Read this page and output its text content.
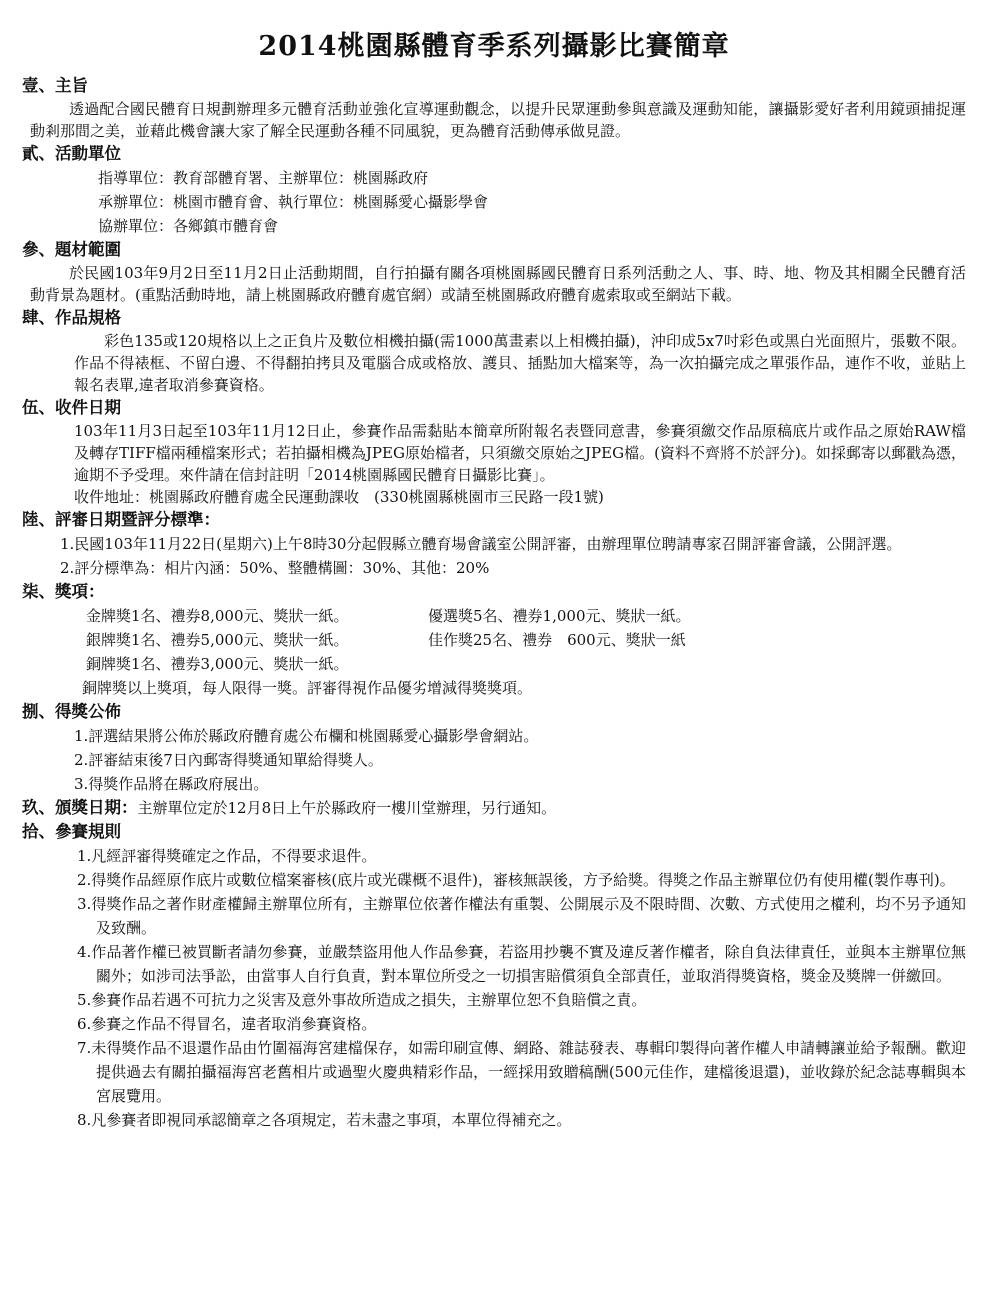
2014桃園縣體育季系列攝影比賽簡章

壹、主旨

透過配合國民體育日規劃辦理多元體育活動並強化宣導運動觀念，以提升民眾運動參與意識及運動知能，讓攝影愛好者利用鏡頭捕捉運動剎那間之美，並藉此機會讓大家了解全民運動各種不同風貌，更為體育活動傳承做見證。

貳、活動單位

指導單位：教育部體育署、主辦單位：桃園縣政府

承辦單位：桃園市體育會、執行單位：桃園縣愛心攝影學會

協辦單位：各鄉鎮市體育會

參、題材範圍

於民國103年9月2日至11月2日止活動期間，自行拍攝有關各項桃園縣國民體育日系列活動之人、事、時、地、物及其相關全民體育活動背景為題材。(重點活動時地，請上桃園縣政府體育處官網）或請至桃園縣政府體育處索取或至網站下載。

肆、作品規格

彩色135或120規格以上之正負片及數位相機拍攝(需1000萬畫素以上相機拍攝)，沖印成5x7吋彩色或黑白光面照片，張數不限。作品不得裱框、不留白邊、不得翻拍拷貝及電腦合成或格放、護貝、插點加大檔案等，為一次拍攝完成之單張作品，連作不收，並貼上報名表單,違者取消參賽資格。

伍、收件日期

103年11月3日起至103年11月12日止，參賽作品需黏貼本簡章所附報名表暨同意書，參賽須繳交作品原稿底片或作品之原始RAW檔及轉存TIFF檔兩種檔案形式；若拍攝相機為JPEG原始檔者，只須繳交原始之JPEG檔。(資料不齊將不於評分)。如採郵寄以郵戳為憑，逾期不予受理。來件請在信封註明「2014桃園縣國民體育日攝影比賽」。

收件地址：桃園縣政府體育處全民運動課收　(330桃園縣桃園市三民路一段1號)

陸、評審日期暨評分標準：

1.民國103年11月22日(星期六)上午8時30分起假縣立體育場會議室公開評審，由辦理單位聘請專家召開評審會議，公開評選。

2.評分標準為：相片內涵：50%、整體構圖：30%、其他：20%

柒、獎項：

金牌獎1名、禮券8,000元、獎狀一紙。	優選獎5名、禮券1,000元、獎狀一紙。
銀牌獎1名、禮券5,000元、獎狀一紙。	佳作獎25名、禮券　600元、獎狀一紙
銅牌獎1名、禮券3,000元、獎狀一紙。

銅牌獎以上獎項，每人限得一獎。評審得視作品優劣增減得獎獎項。

捌、得獎公佈

1.評選結果將公佈於縣政府體育處公布欄和桃園縣愛心攝影學會網站。

2.評審結束後7日內郵寄得獎通知單給得獎人。

3.得獎作品將在縣政府展出。

玖、頒獎日期：主辦單位定於12月8日上午於縣政府一樓川堂辦理，另行通知。

拾、參賽規則

1.凡經評審得獎確定之作品，不得要求退件。

2.得獎作品經原作底片或數位檔案審核(底片或光碟概不退件)，審核無誤後，方予給獎。得獎之作品主辦單位仍有使用權(製作專刊)。

3.得獎作品之著作財產權歸主辦單位所有，主辦單位依著作權法有重製、公開展示及不限時間、次數、方式使用之權利，均不另予通知及致酬。

4.作品著作權已被買斷者請勿參賽，並嚴禁盜用他人作品參賽，若盜用抄襲不實及違反著作權者，除自負法律責任，並與本主辦單位無關外；如涉司法爭訟，由當事人自行負責，對本單位所受之一切損害賠償須負全部責任，並取消得獎資格，獎金及獎牌一併繳回。

5.參賽作品若遇不可抗力之災害及意外事故所造成之損失，主辦單位恕不負賠償之責。

6.參賽之作品不得冒名，違者取消參賽資格。

7.未得獎作品不退還作品由竹圍福海宮建檔保存，如需印刷宣傳、網路、雜誌發表、專輯印製得向著作權人申請轉讓並給予報酬。歡迎提供過去有關拍攝福海宮老舊相片或過聖火慶典精彩作品，一經採用致贈稿酬(500元佳作，建檔後退還)，並收錄於紀念誌專輯與本宮展覽用。

8.凡參賽者即視同承認簡章之各項規定，若未盡之事項，本單位得補充之。
